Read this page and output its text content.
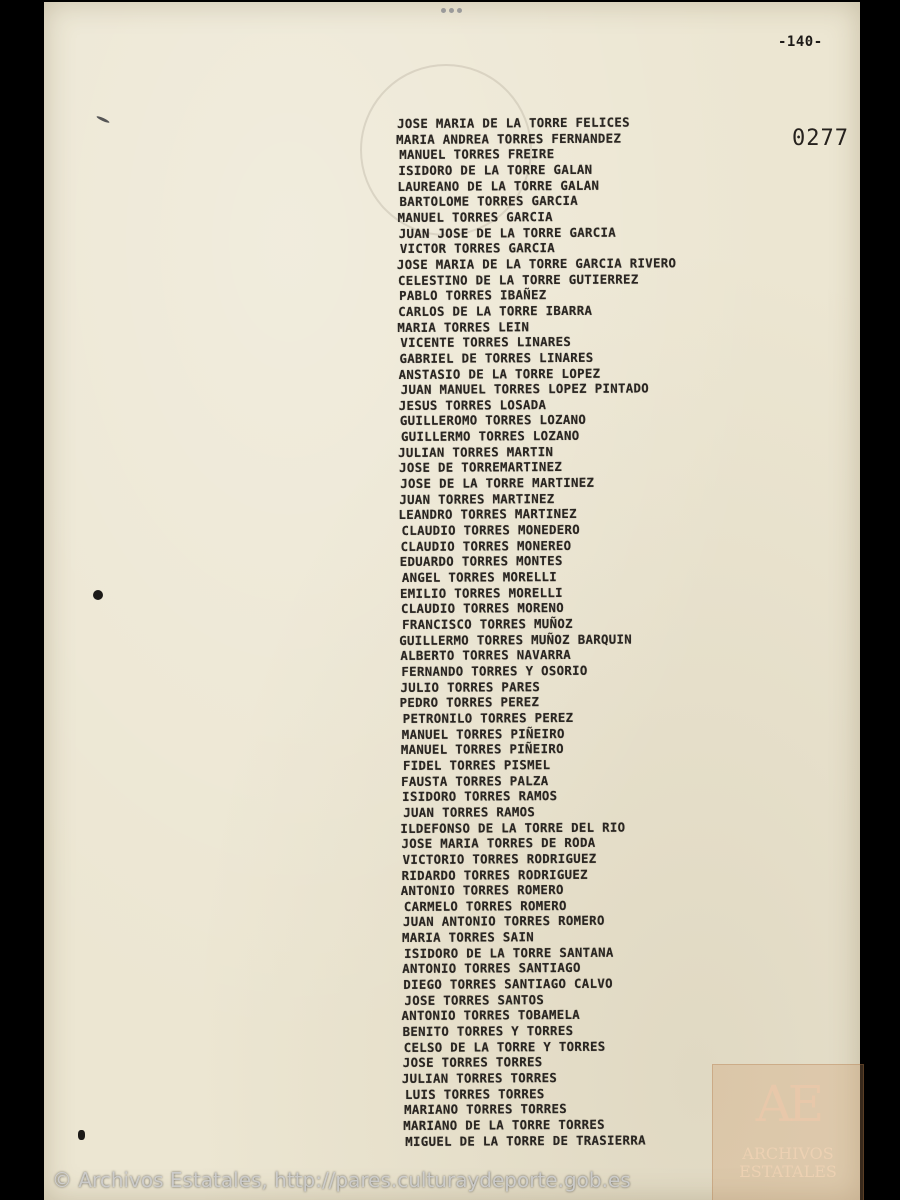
-140-
0277
JOSE MARIA DE LA TORRE FELICES
MARIA ANDREA TORRES FERNANDEZ
MANUEL TORRES FREIRE
ISIDORO DE LA TORRE GALAN
LAUREANO DE LA TORRE GALAN
BARTOLOME TORRES GARCIA
MANUEL TORRES GARCIA
JUAN JOSE DE LA TORRE GARCIA
VICTOR TORRES GARCIA
JOSE MARIA DE LA TORRE GARCIA RIVERO
CELESTINO DE LA TORRE GUTIERREZ
PABLO TORRES IBAÑEZ
CARLOS DE LA TORRE IBARRA
MARIA TORRES LEIN
VICENTE TORRES LINARES
GABRIEL DE TORRES LINARES
ANSTASIO DE LA TORRE LOPEZ
JUAN MANUEL TORRES LOPEZ PINTADO
JESUS TORRES LOSADA
GUILLEROMO TORRES LOZANO
GUILLERMO TORRES LOZANO
JULIAN TORRES MARTIN
JOSE DE TORREMARTINEZ
JOSE DE LA TORRE MARTINEZ
JUAN TORRES MARTINEZ
LEANDRO TORRES MARTINEZ
CLAUDIO TORRES MONEDERO
CLAUDIO TORRES MONEREO
EDUARDO TORRES MONTES
ANGEL TORRES MORELLI
EMILIO TORRES MORELLI
CLAUDIO TORRES MORENO
FRANCISCO TORRES MUÑOZ
GUILLERMO TORRES MUÑOZ BARQUIN
ALBERTO TORRES NAVARRA
FERNANDO TORRES Y OSORIO
JULIO TORRES PARES
PEDRO TORRES PEREZ
PETRONILO TORRES PEREZ
MANUEL TORRES PIÑEIRO
MANUEL TORRES PIÑEIRO
FIDEL TORRES PISMEL
FAUSTA TORRES PALZA
ISIDORO TORRES RAMOS
JUAN TORRES RAMOS
ILDEFONSO DE LA TORRE DEL RIO
JOSE MARIA TORRES DE RODA
VICTORIO TORRES RODRIGUEZ
RIDARDO TORRES RODRIGUEZ
ANTONIO TORRES ROMERO
CARMELO TORRES ROMERO
JUAN ANTONIO TORRES ROMERO
MARIA TORRES SAIN
ISIDORO DE LA TORRE SANTANA
ANTONIO TORRES SANTIAGO
DIEGO TORRES SANTIAGO CALVO
JOSE TORRES SANTOS
ANTONIO TORRES TOBAMELA
BENITO TORRES Y TORRES
CELSO DE LA TORRE Y TORRES
JOSE TORRES TORRES
JULIAN TORRES TORRES
LUIS TORRES TORRES
MARIANO TORRES TORRES
MARIANO DE LA TORRE TORRES
MIGUEL DE LA TORRE DE TRASIERRA
AE
ARCHIVOS ESTATALES
© Archivos Estatales, http://pares.culturaydeporte.gob.es
